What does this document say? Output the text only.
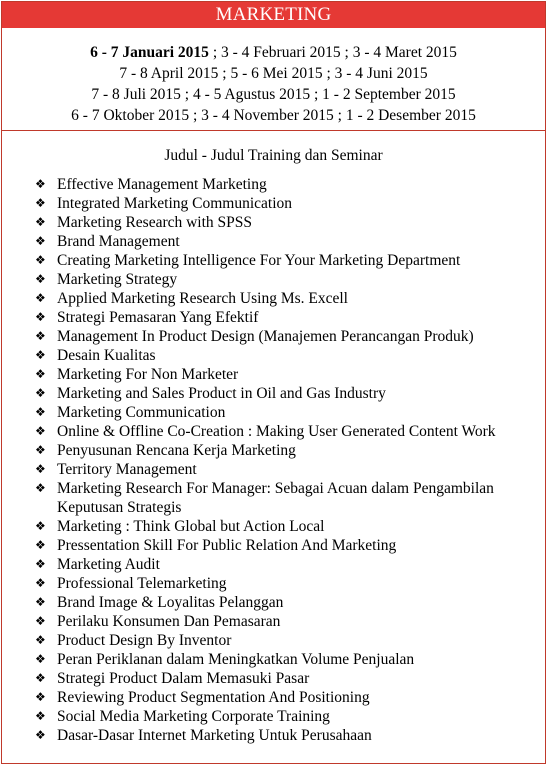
MARKETING
6 - 7 Januari 2015 ; 3 - 4 Februari 2015 ; 3 - 4 Maret 2015
7 - 8 April 2015 ; 5 - 6 Mei 2015 ; 3 - 4 Juni 2015
7 - 8 Juli 2015 ; 4 - 5 Agustus 2015 ; 1 - 2 September 2015
6 - 7 Oktober 2015 ; 3 - 4 November 2015 ; 1 - 2 Desember 2015
Judul - Judul Training dan Seminar
❖ Effective Management Marketing
❖ Integrated Marketing Communication
❖ Marketing Research with SPSS
❖ Brand Management
❖ Creating Marketing Intelligence For Your Marketing Department
❖ Marketing Strategy
❖ Applied Marketing Research Using Ms. Excell
❖ Strategi Pemasaran Yang Efektif
❖ Management In Product Design (Manajemen Perancangan Produk)
❖ Desain Kualitas
❖ Marketing For Non Marketer
❖ Marketing and Sales Product in Oil and Gas Industry
❖ Marketing Communication
❖ Online & Offline Co-Creation : Making User Generated Content Work
❖ Penyusunan Rencana Kerja Marketing
❖ Territory Management
❖ Marketing Research For Manager: Sebagai Acuan dalam Pengambilan Keputusan Strategis
❖ Marketing : Think Global but Action Local
❖ Pressentation Skill For Public Relation And Marketing
❖ Marketing Audit
❖ Professional Telemarketing
❖ Brand Image & Loyalitas Pelanggan
❖ Perilaku Konsumen Dan Pemasaran
❖ Product Design By Inventor
❖ Peran Periklanan dalam Meningkatkan Volume Penjualan
❖ Strategi Product Dalam Memasuki Pasar
❖ Reviewing Product Segmentation And Positioning
❖ Social Media Marketing Corporate Training
❖ Dasar-Dasar Internet Marketing Untuk Perusahaan
